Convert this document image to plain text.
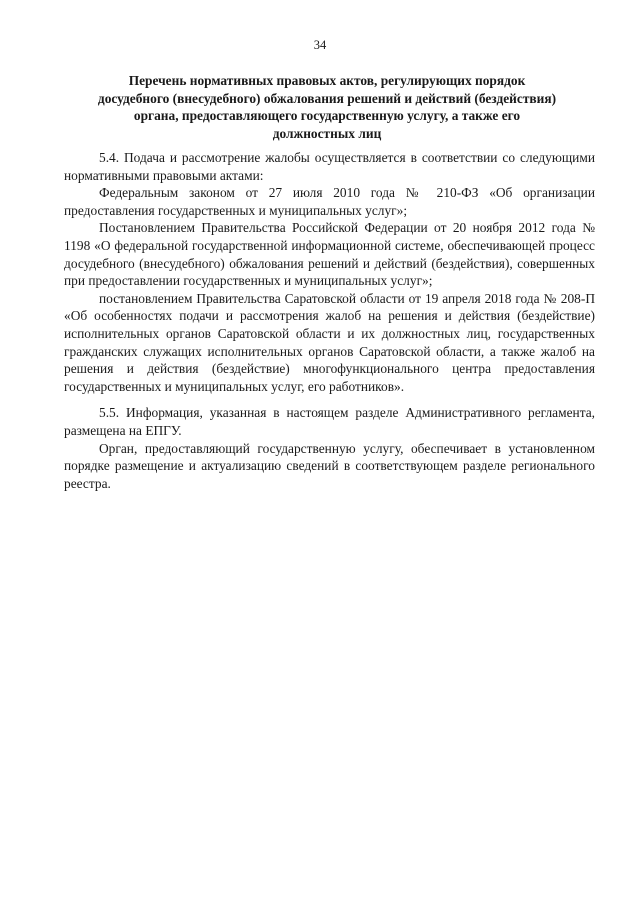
34
Перечень нормативных правовых актов, регулирующих порядок досудебного (внесудебного) обжалования решений и действий (бездействия) органа, предоставляющего государственную услугу, а также его должностных лиц

5.4. Подача и рассмотрение жалобы осуществляется в соответствии со следующими нормативными правовыми актами:

Федеральным законом от 27 июля 2010 года № 210-ФЗ «Об организации предоставления государственных и муниципальных услуг»;

Постановлением Правительства Российской Федерации от 20 ноября 2012 года № 1198 «О федеральной государственной информационной системе, обеспечивающей процесс досудебного (внесудебного) обжалования решений и действий (бездействия), совершенных при предоставлении государственных и муниципальных услуг»;

постановлением Правительства Саратовской области от 19 апреля 2018 года № 208-П «Об особенностях подачи и рассмотрения жалоб на решения и действия (бездействие) исполнительных органов Саратовской области и их должностных лиц, государственных гражданских служащих исполнительных органов Саратовской области, а также жалоб на решения и действия (бездействие) многофункционального центра предоставления государственных и муниципальных услуг, его работников».

5.5. Информация, указанная в настоящем разделе Административного регламента, размещена на ЕПГУ.

Орган, предоставляющий государственную услугу, обеспечивает в установленном порядке размещение и актуализацию сведений в соответствующем разделе регионального реестра.
